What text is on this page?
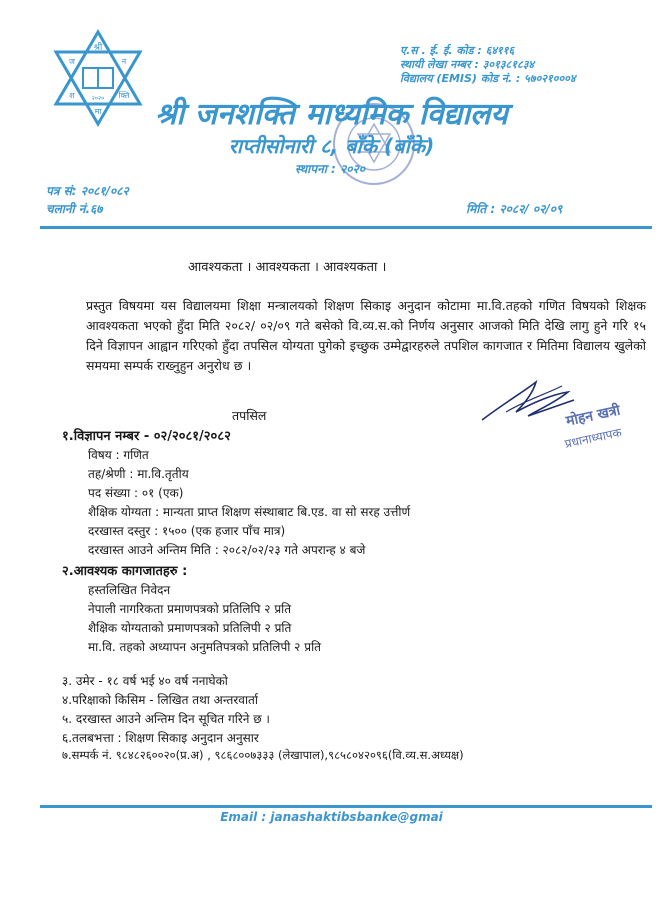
श्री
ज
श
न
क्ति
मा
२०२०
ए.स . ई. ई. कोड : ६४११६
स्थायी लेखा नम्बर : ३०१३८१८३४
विद्यालय (EMIS) कोड नं. : ५७०२१०००४
श्री जनशक्ति माध्यमिक विद्यालय
राप्तीसोनारी ८, बाँके (बाँके)
स्थापना : २०२०
पत्र सं: २०८१/०८२
चलानी नं.६७	मिति : २०८२/ ०२/०९
आवश्यकता । आवश्यकता । आवश्यकता ।
प्रस्तुत विषयमा यस विद्यालयमा शिक्षा मन्त्रालयको शिक्षण सिकाइ अनुदान कोटामा मा.वि.तहको गणित विषयको शिक्षक आवश्यकता भएको हुँदा मिति २०८२/ ०२/०९ गते बसेको वि.व्य.स.को निर्णय अनुसार आजको मिति देखि लागु हुने गरि १५ दिने विज्ञापन आह्वान गरिएको हुँदा तपसिल योग्यता पुगेको इच्छुक उम्मेद्वारहरुले तपशिल कागजात र मितिमा विद्यालय खुलेको समयमा सम्पर्क राख्नुहुन अनुरोध छ ।
तपसिल	मोहन खत्री
प्रधानाध्यापक
१.विज्ञापन नम्बर - ०२/२०८१/२०८२
विषय : गणित
तह/श्रेणी : मा.वि.तृतीय
पद संख्या : ०१ (एक)
शैक्षिक योग्यता : मान्यता प्राप्त शिक्षण संस्थाबाट बि.एड. वा सो सरह उत्तीर्ण
दरखास्त दस्तुर : १५०० (एक हजार पाँच मात्र)
दरखास्त आउने अन्तिम मिति : २०८२/०२/२३ गते अपरान्ह ४ बजे
२.आवश्यक कागजातहरु :
हस्तलिखित निवेदन
नेपाली नागरिकता प्रमाणपत्रको प्रतिलिपि २ प्रति
शैक्षिक योग्यताको प्रमाणपत्रको प्रतिलिपी २ प्रति
मा.वि. तहको अध्यापन अनुमतिपत्रको प्रतिलिपी २ प्रति
३. उमेर - १८ वर्ष भई ४० वर्ष ननाघेको
४.परिक्षाको किसिम - लिखित तथा अन्तरवार्ता
५. दरखास्त आउने अन्तिम दिन सूचित गरिने छ ।
६.तलबभत्ता : शिक्षण सिकाइ अनुदान अनुसार
७.सम्पर्क नं. ९८४८२६००२०(प्र.अ) , ९८६८००७३३३ (लेखापाल),९८५८०४२०९६(वि.व्य.स.अध्यक्ष)
Email : janashaktibsbanke@gmai
